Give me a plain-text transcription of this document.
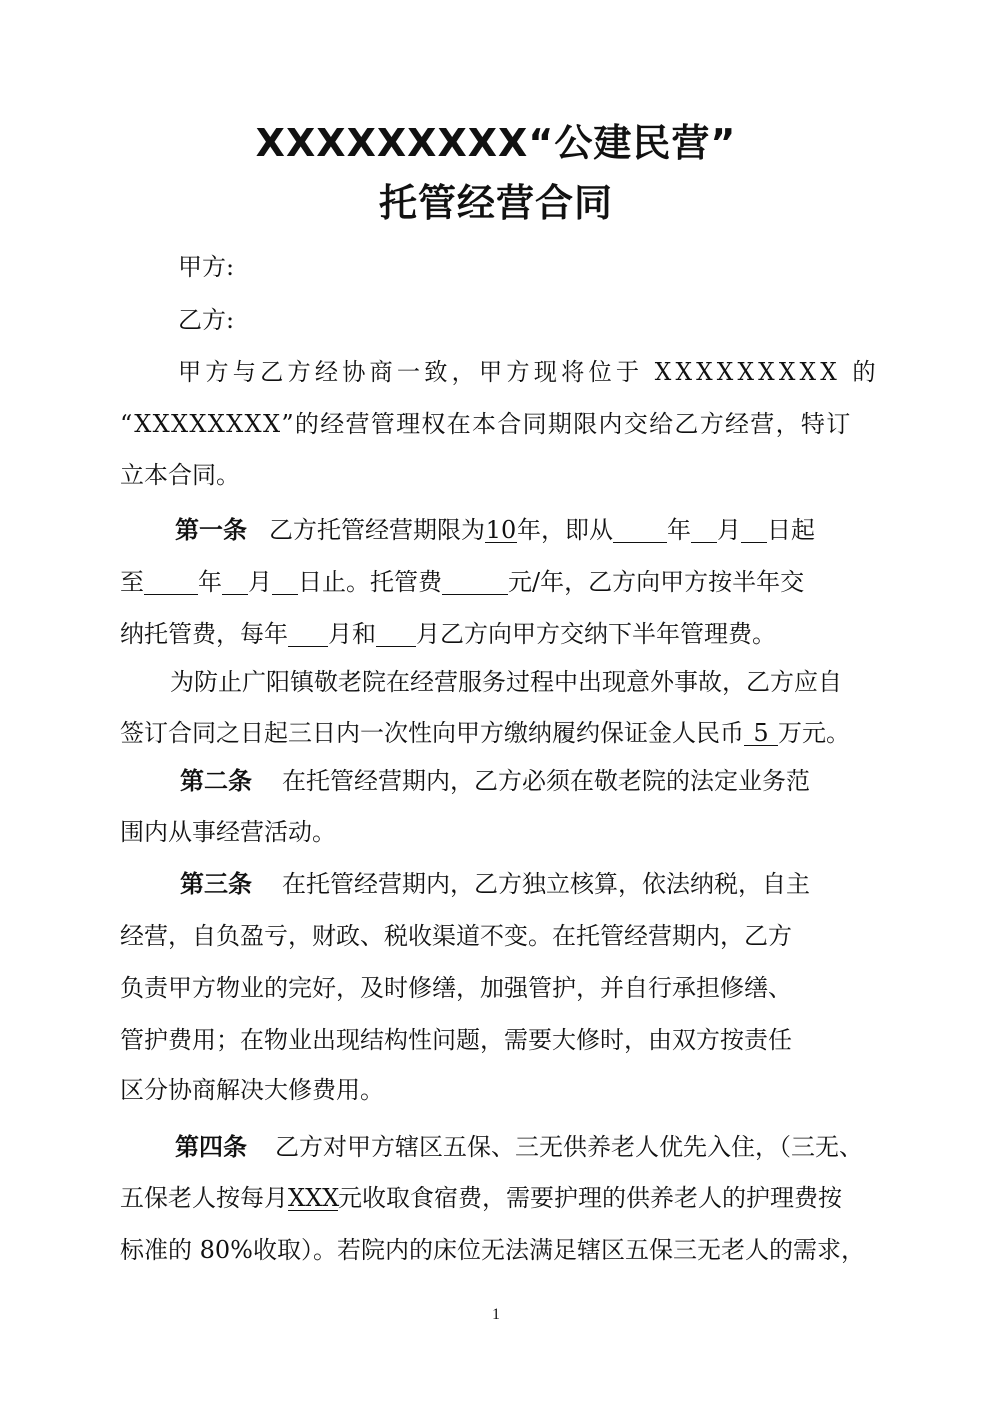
XXXXXXXXX“公建民营”
托管经营合同
甲方:
乙方:
甲方与乙方经协商一致，甲方现将位于 XXXXXXXXX 的
“XXXXXXXX”的经营管理权在本合同期限内交给乙方经营，特订
立本合同。
第一条 乙方托管经营期限为10年，即从 年 月 日起
至 年 月 日止。托管费	元/年，乙方向甲方按半年交
纳托管费，每年 月和 月乙方向甲方交纳下半年管理费。
为防止广阳镇敬老院在经营服务过程中出现意外事故，乙方应自
签订合同之日起三日内一次性向甲方缴纳履约保证金人民币 5 万元。
第二条 在托管经营期内，乙方必须在敬老院的法定业务范
围内从事经营活动。
第三条 在托管经营期内，乙方独立核算，依法纳税，自主
经营，自负盈亏，财政、税收渠道不变。在托管经营期内，乙方
负责甲方物业的完好，及时修缮，加强管护，并自行承担修缮、
管护费用；在物业出现结构性问题，需要大修时，由双方按责任
区分协商解决大修费用。
第四条 乙方对甲方辖区五保、三无供养老人优先入住，（三无、
五保老人按每月XXX元收取食宿费，需要护理的供养老人的护理费按
标准的 80%收取）。若院内的床位无法满足辖区五保三无老人的需求，
1
